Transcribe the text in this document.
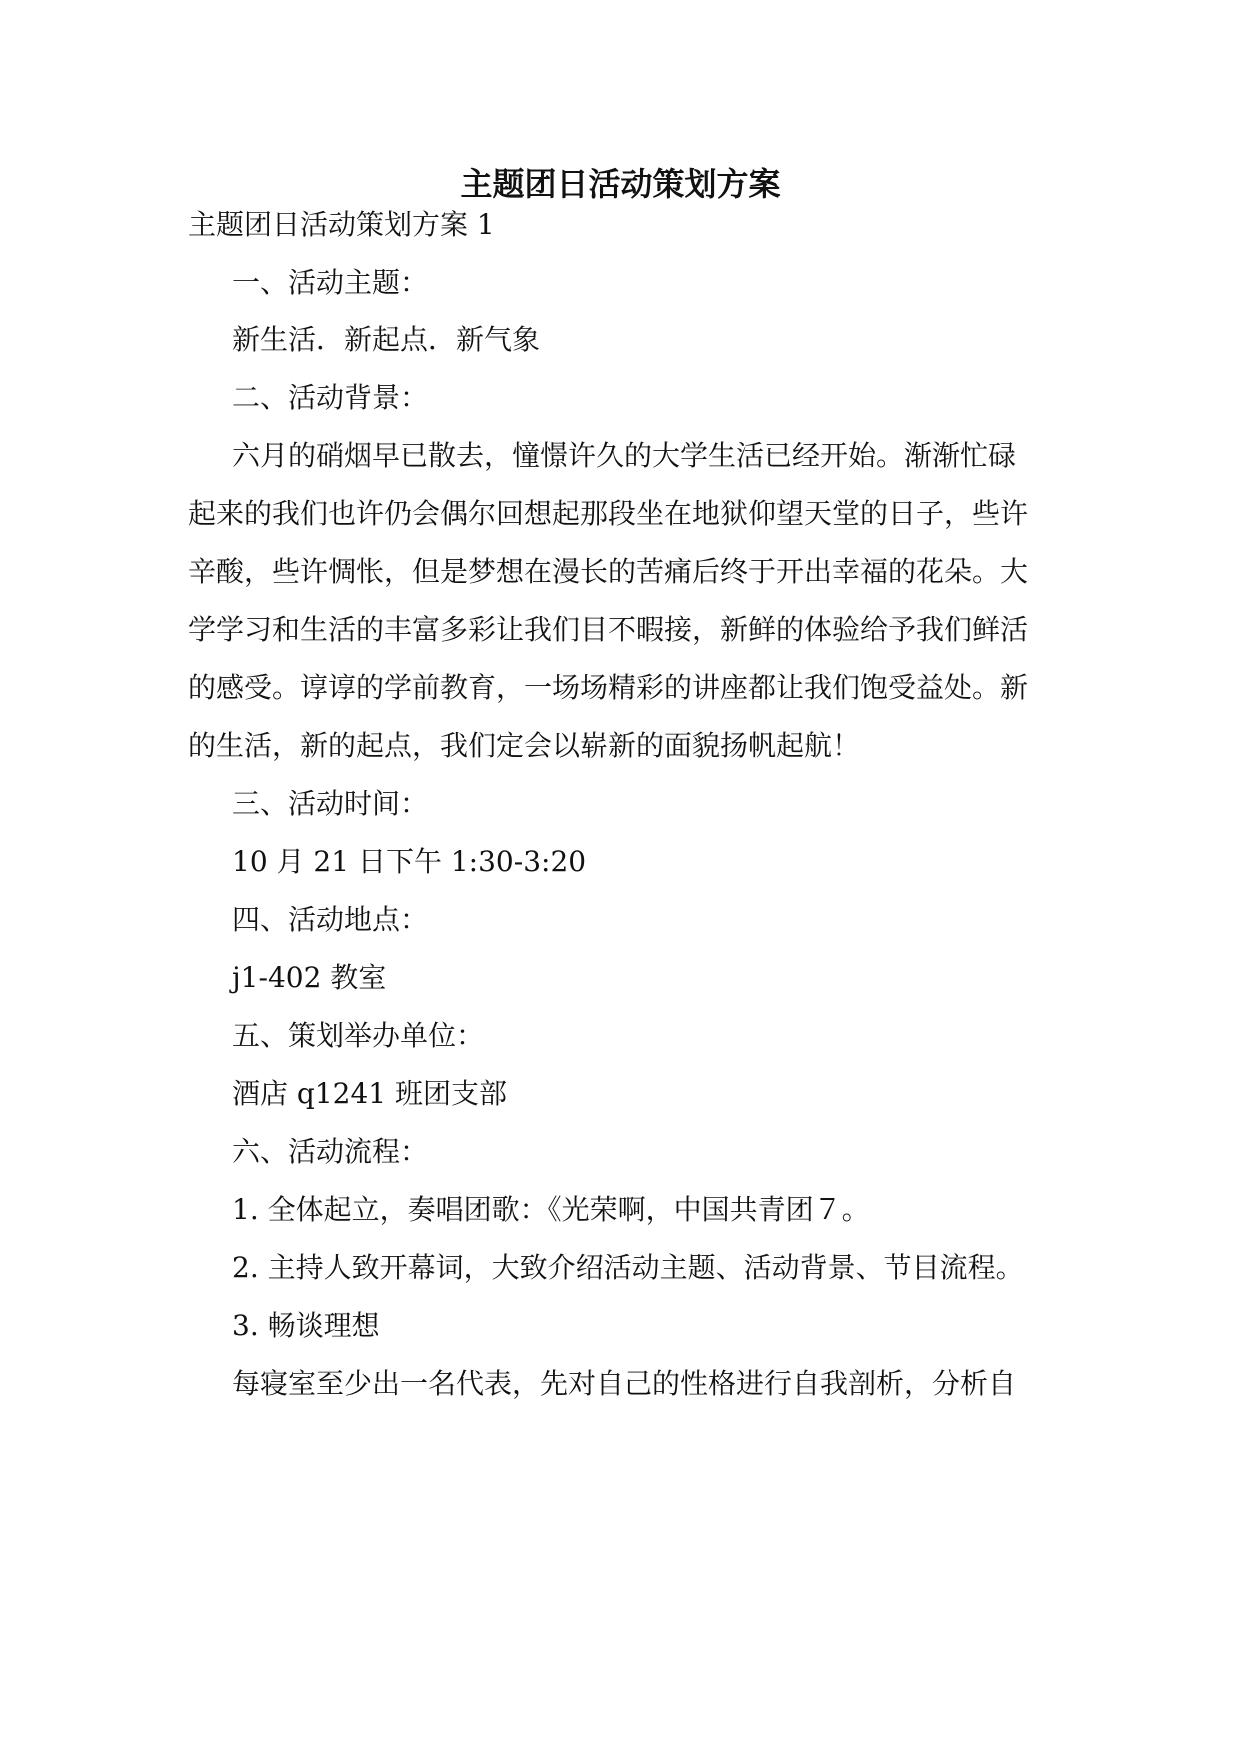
主题团日活动策划方案

主题团日活动策划方案 1

一、活动主题：

新生活．新起点．新气象

二、活动背景：

六月的硝烟早已散去，憧憬许久的大学生活已经开始。渐渐忙碌

起来的我们也许仍会偶尔回想起那段坐在地狱仰望天堂的日子，些许

辛酸，些许惆怅，但是梦想在漫长的苦痛后终于开出幸福的花朵。大

学学习和生活的丰富多彩让我们目不暇接，新鲜的体验给予我们鲜活

的感受。谆谆的学前教育，一场场精彩的讲座都让我们饱受益处。新

的生活，新的起点，我们定会以崭新的面貌扬帆起航！

三、活动时间：

10 月 21 日下午 1:30-3:20

四、活动地点：

j1-402 教室

五、策划举办单位：

酒店 q1241 班团支部

六、活动流程：

1. 全体起立，奏唱团歌：《光荣啊，中国共青团７。

2. 主持人致开幕词，大致介绍活动主题、活动背景、节目流程。

3. 畅谈理想

每寝室至少出一名代表，先对自己的性格进行自我剖析，分析自
